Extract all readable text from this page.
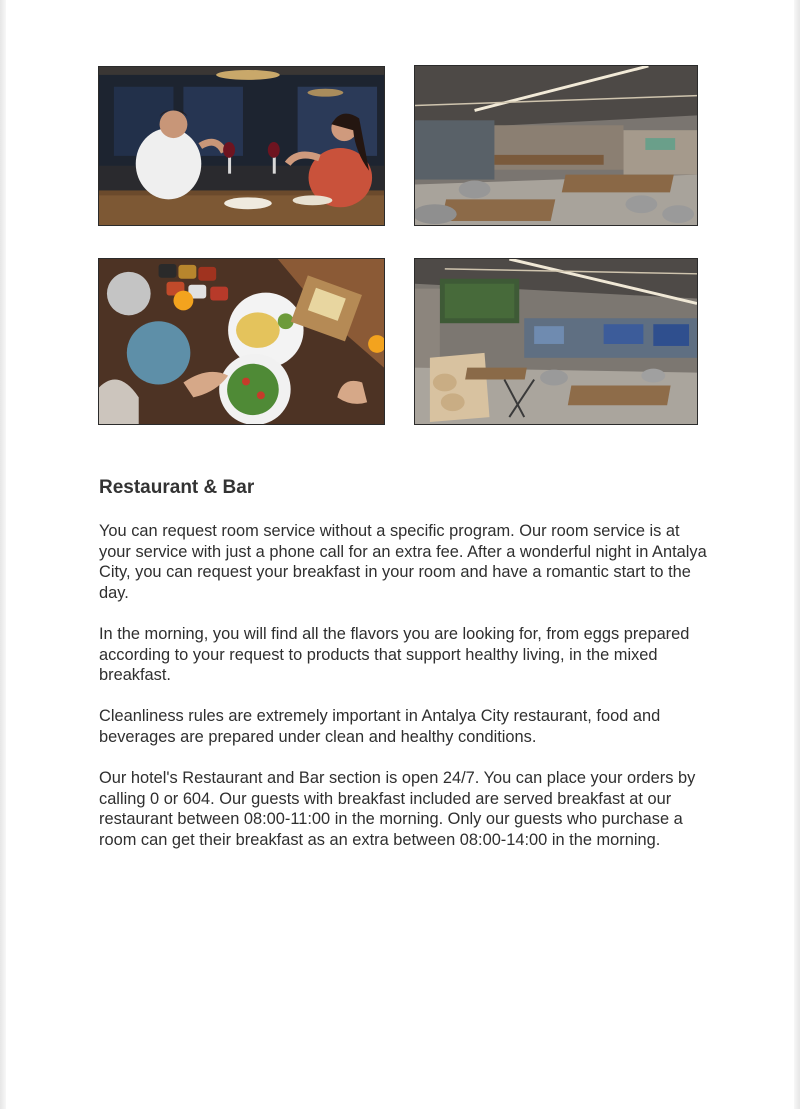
Restaurant & Bar

You can request room service without a specific program. Our room service is at your service with just a phone call for an extra fee. After a wonderful night in Antalya City, you can request your breakfast in your room and have a romantic start to the day.

In the morning, you will find all the flavors you are looking for, from eggs prepared according to your request to products that support healthy living, in the mixed breakfast.

Cleanliness rules are extremely important in Antalya City restaurant, food and beverages are prepared under clean and healthy conditions.

Our hotel's Restaurant and Bar section is open 24/7. You can place your orders by calling 0 or 604. Our guests with breakfast included are served breakfast at our restaurant between 08:00-11:00 in the morning. Only our guests who purchase a room can get their breakfast as an extra between 08:00-14:00 in the morning.
